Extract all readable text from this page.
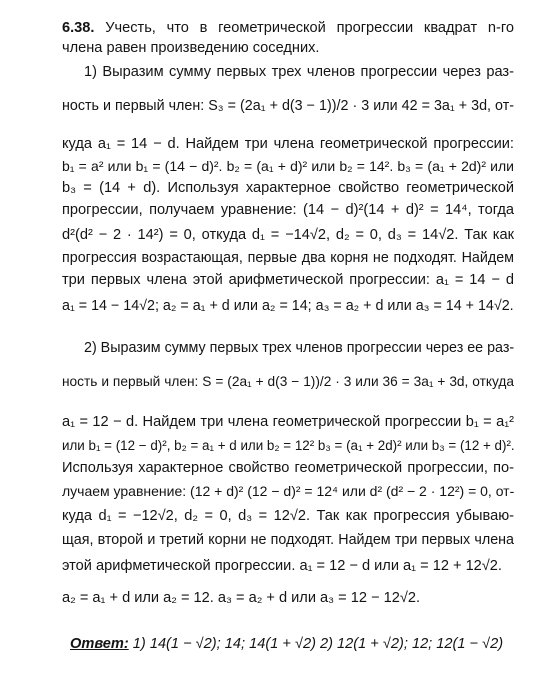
6.38. Учесть, что в геометрической прогрессии квадрат n-го
члена равен произведению соседних.
1) Выразим сумму первых трех членов прогрессии через раз-
ность и первый член: S₃ = (2a₁ + d(3 − 1))/2 · 3 или 42 = 3a₁ + 3d, от-
куда a₁ = 14 − d. Найдем три члена геометрической прогрессии:
b₁ = a² или b₁ = (14 − d)². b₂ = (a₁ + d)² или b₂ = 14². b₃ = (a₁ + 2d)² или
b₃ = (14 + d). Используя характерное свойство геометрической
прогрессии, получаем уравнение: (14 − d)²(14 + d)² = 14⁴, тогда
d²(d² − 2 · 14²) = 0, откуда d₁ = −14√2, d₂ = 0, d₃ = 14√2. Так как
прогрессия возрастающая, первые два корня не подходят. Найдем
три первых члена этой арифметической прогрессии: a₁ = 14 − d
a₁ = 14 − 14√2; a₂ = a₁ + d или a₂ = 14; a₃ = a₂ + d или a₃ = 14 + 14√2.
2) Выразим сумму первых трех членов прогрессии через ее раз-
ность и первый член: S = (2a₁ + d(3 − 1))/2 · 3 или 36 = 3a₁ + 3d, откуда
a₁ = 12 − d. Найдем три члена геометрической прогрессии b₁ = a₁²
или b₁ = (12 − d)², b₂ = a₁ + d или b₂ = 12² b₃ = (a₁ + 2d)² или b₃ = (12 + d)².
Используя характерное свойство геометрической прогрессии, по-
лучаем уравнение: (12 + d)² (12 − d)² = 12⁴ или d² (d² − 2 · 12²) = 0, от-
куда d₁ = −12√2, d₂ = 0, d₃ = 12√2. Так как прогрессия убываю-
щая, второй и третий корни не подходят. Найдем три первых члена
этой арифметической прогрессии. a₁ = 12 − d или a₁ = 12 + 12√2.
a₂ = a₁ + d или a₂ = 12. a₃ = a₂ + d или a₃ = 12 − 12√2.
Ответ: 1) 14(1 − √2); 14; 14(1 + √2) 2) 12(1 + √2); 12; 12(1 − √2)
